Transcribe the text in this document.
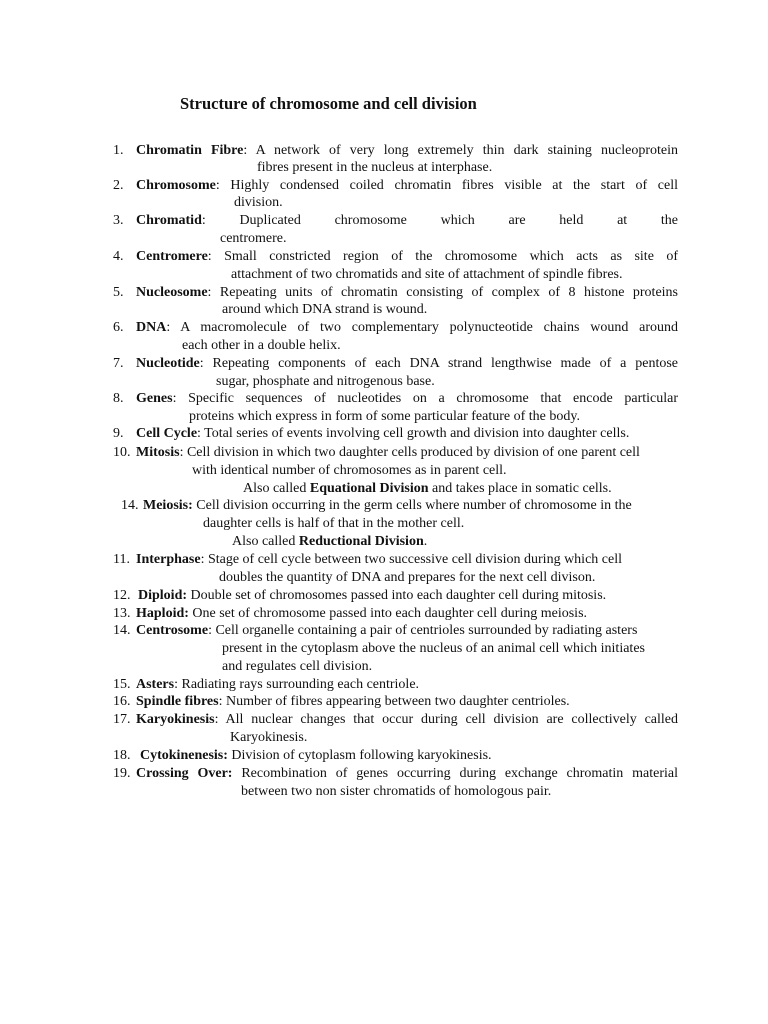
Structure of chromosome and cell division
1. Chromatin Fibre: A network of very long extremely thin dark staining nucleoprotein
fibres present in the nucleus at interphase.
2. Chromosome: Highly condensed coiled chromatin fibres visible at the start of cell
division.
3. Chromatid: Duplicated chromosome which are held at the
centromere.
4. Centromere: Small constricted region of the chromosome which acts as site of
attachment of two chromatids and site of attachment of spindle fibres.
5. Nucleosome: Repeating units of chromatin consisting of complex of 8 histone proteins
around which DNA strand is wound.
6. DNA: A macromolecule of two complementary polynucteotide chains wound around
each other in a double helix.
7. Nucleotide: Repeating components of each DNA strand lengthwise made of a pentose
sugar, phosphate and nitrogenous base.
8. Genes: Specific sequences of nucleotides on a chromosome that encode particular
proteins which express in form of some particular feature of the body.
9. Cell Cycle: Total series of events involving cell growth and division into daughter cells.
10. Mitosis: Cell division in which two daughter cells produced by division of one parent cell
with identical number of chromosomes as in parent cell.
Also called Equational Division and takes place in somatic cells.
14. Meiosis: Cell division occurring in the germ cells where number of chromosome in the
daughter cells is half of that in the mother cell.
Also called Reductional Division.
11. Interphase: Stage of cell cycle between two successive cell division during which cell
doubles the quantity of DNA and prepares for the next cell divison.
12. Diploid: Double set of chromosomes passed into each daughter cell during mitosis.
13. Haploid: One set of chromosome passed into each daughter cell during meiosis.
14. Centrosome: Cell organelle containing a pair of centrioles surrounded by radiating asters
present in the cytoplasm above the nucleus of an animal cell which initiates
and regulates cell division.
15. Asters: Radiating rays surrounding each centriole.
16. Spindle fibres: Number of fibres appearing between two daughter centrioles.
17. Karyokinesis: All nuclear changes that occur during cell division are collectively called
Karyokinesis.
18. Cytokinenesis: Division of cytoplasm following karyokinesis.
19. Crossing Over: Recombination of genes occurring during exchange chromatin material
between two non sister chromatids of homologous pair.
